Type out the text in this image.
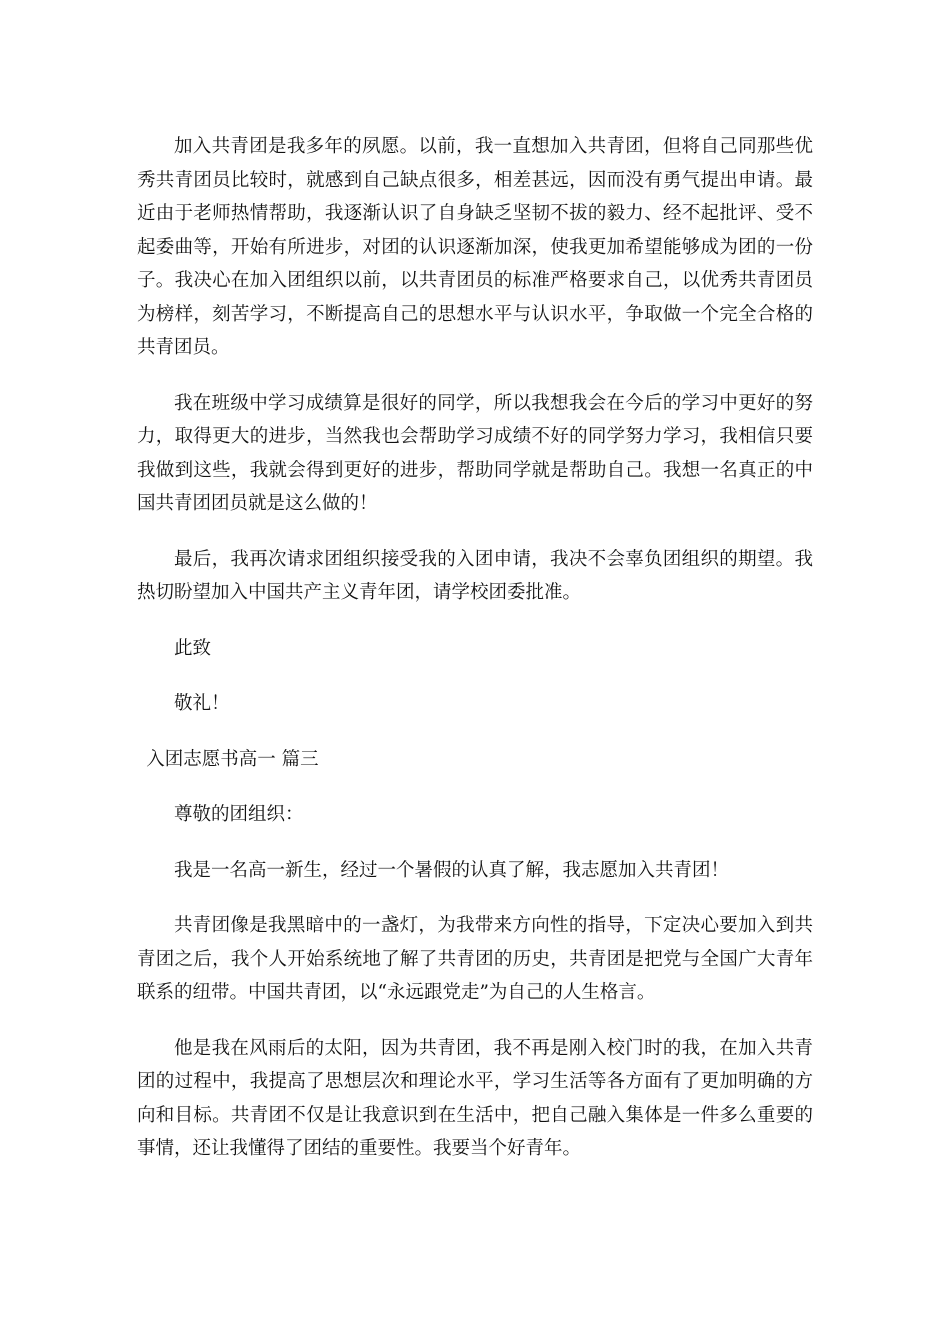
加入共青团是我多年的夙愿。以前，我一直想加入共青团，但将自己同那些优秀共青团员比较时，就感到自己缺点很多，相差甚远，因而没有勇气提出申请。最近由于老师热情帮助，我逐渐认识了自身缺乏坚韧不拔的毅力、经不起批评、受不起委曲等，开始有所进步，对团的认识逐渐加深，使我更加希望能够成为团的一份子。我决心在加入团组织以前，以共青团员的标准严格要求自己，以优秀共青团员为榜样，刻苦学习，不断提高自己的思想水平与认识水平，争取做一个完全合格的共青团员。

我在班级中学习成绩算是很好的同学，所以我想我会在今后的学习中更好的努力，取得更大的进步，当然我也会帮助学习成绩不好的同学努力学习，我相信只要我做到这些，我就会得到更好的进步，帮助同学就是帮助自己。我想一名真正的中国共青团团员就是这么做的！

最后，我再次请求团组织接受我的入团申请，我决不会辜负团组织的期望。我热切盼望加入中国共产主义青年团，请学校团委批准。

此致

敬礼！

入团志愿书高一 篇三

尊敬的团组织：

我是一名高一新生，经过一个暑假的认真了解，我志愿加入共青团！

共青团像是我黑暗中的一盏灯，为我带来方向性的指导，下定决心要加入到共青团之后，我个人开始系统地了解了共青团的历史，共青团是把党与全国广大青年联系的纽带。中国共青团，以“永远跟党走”为自己的人生格言。

他是我在风雨后的太阳，因为共青团，我不再是刚入校门时的我，在加入共青团的过程中，我提高了思想层次和理论水平，学习生活等各方面有了更加明确的方向和目标。共青团不仅是让我意识到在生活中，把自己融入集体是一件多么重要的事情，还让我懂得了团结的重要性。我要当个好青年。
